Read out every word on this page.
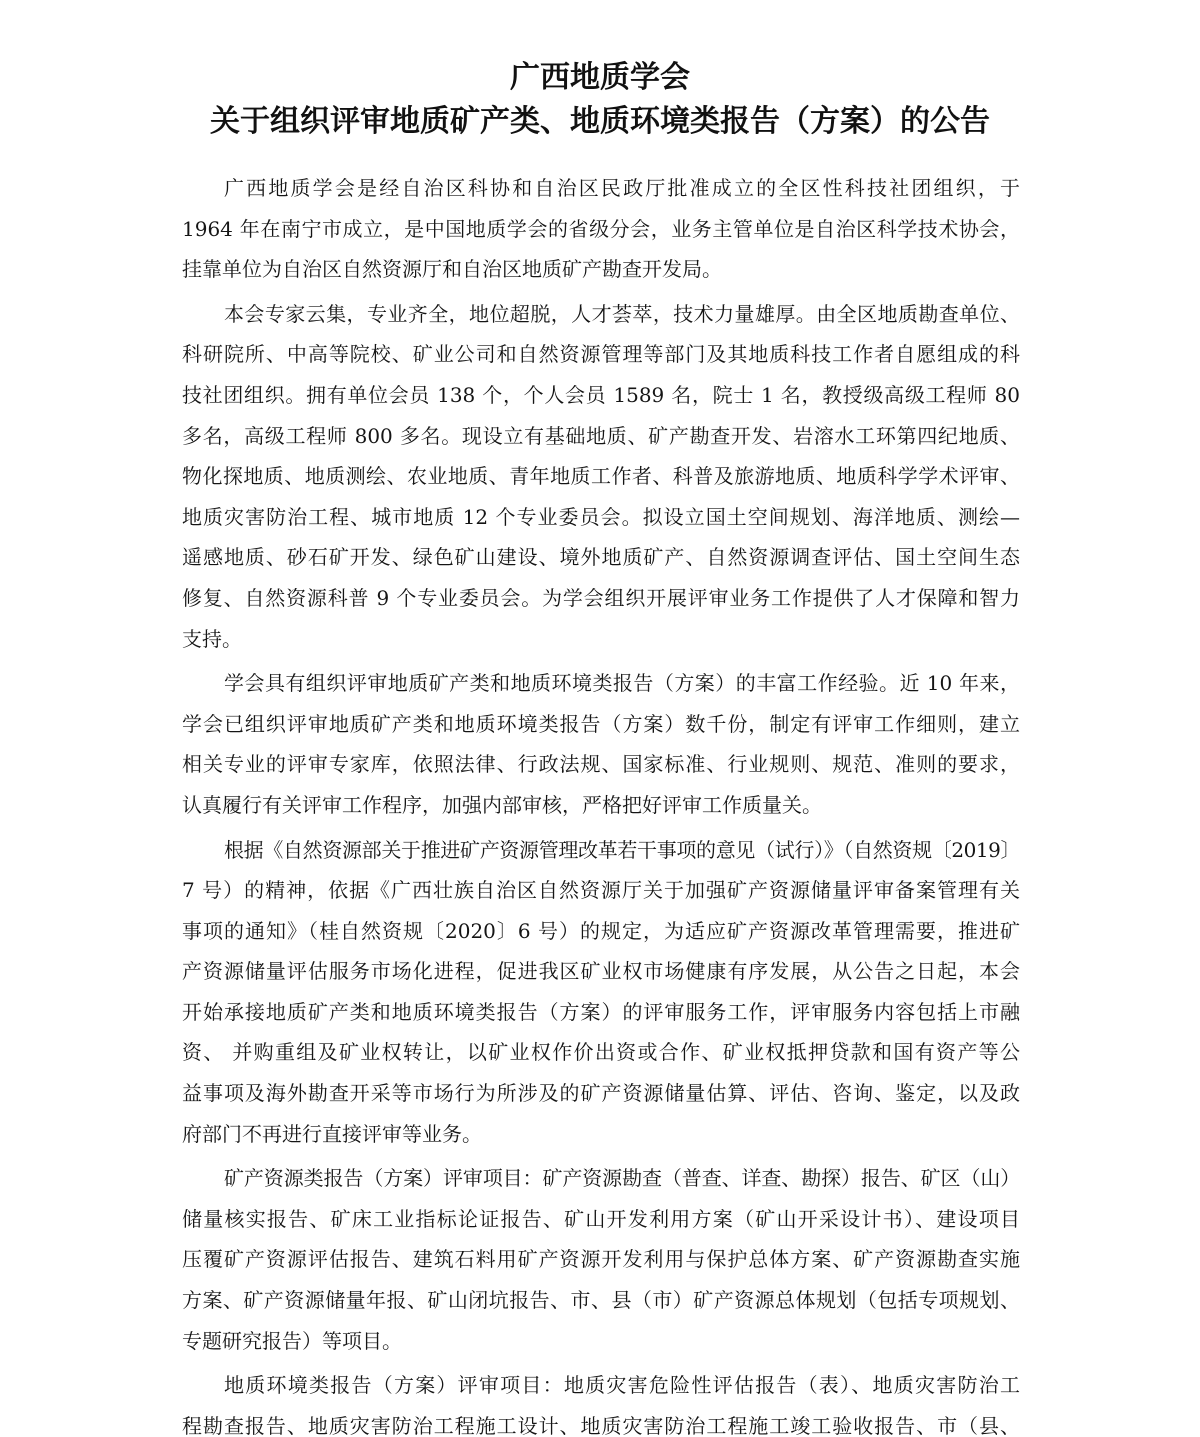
广西地质学会
关于组织评审地质矿产类、地质环境类报告（方案）的公告
广西地质学会是经自治区科协和自治区民政厅批准成立的全区性科技社团组织，于
1964 年在南宁市成立，是中国地质学会的省级分会，业务主管单位是自治区科学技术协会，
挂靠单位为自治区自然资源厅和自治区地质矿产勘查开发局。
本会专家云集，专业齐全，地位超脱，人才荟萃，技术力量雄厚。由全区地质勘查单位、
科研院所、中高等院校、矿业公司和自然资源管理等部门及其地质科技工作者自愿组成的科
技社团组织。拥有单位会员 138 个，个人会员 1589 名，院士 1 名，教授级高级工程师 80
多名，高级工程师 800 多名。现设立有基础地质、矿产勘查开发、岩溶水工环第四纪地质、
物化探地质、地质测绘、农业地质、青年地质工作者、科普及旅游地质、地质科学学术评审、
地质灾害防治工程、城市地质 12 个专业委员会。拟设立国土空间规划、海洋地质、测绘—
遥感地质、砂石矿开发、绿色矿山建设、境外地质矿产、自然资源调查评估、国土空间生态
修复、自然资源科普 9 个专业委员会。为学会组织开展评审业务工作提供了人才保障和智力
支持。
学会具有组织评审地质矿产类和地质环境类报告（方案）的丰富工作经验。近 10 年来，
学会已组织评审地质矿产类和地质环境类报告（方案）数千份，制定有评审工作细则，建立
相关专业的评审专家库，依照法律、行政法规、国家标准、行业规则、规范、准则的要求，
认真履行有关评审工作程序，加强内部审核，严格把好评审工作质量关。
根据《自然资源部关于推进矿产资源管理改革若干事项的意见（试行）》（自然资规〔2019〕
7 号）的精神，依据《广西壮族自治区自然资源厅关于加强矿产资源储量评审备案管理有关
事项的通知》（桂自然资规〔2020〕6 号）的规定，为适应矿产资源改革管理需要，推进矿
产资源储量评估服务市场化进程，促进我区矿业权市场健康有序发展，从公告之日起，本会
开始承接地质矿产类和地质环境类报告（方案）的评审服务工作，评审服务内容包括上市融
资、 并购重组及矿业权转让，以矿业权作价出资或合作、矿业权抵押贷款和国有资产等公
益事项及海外勘查开采等市场行为所涉及的矿产资源储量估算、评估、咨询、鉴定，以及政
府部门不再进行直接评审等业务。
矿产资源类报告（方案）评审项目：矿产资源勘查（普查、详查、勘探）报告、矿区（山）
储量核实报告、矿床工业指标论证报告、矿山开发利用方案（矿山开采设计书）、建设项目
压覆矿产资源评估报告、建筑石料用矿产资源开发利用与保护总体方案、矿产资源勘查实施
方案、矿产资源储量年报、矿山闭坑报告、市、县（市）矿产资源总体规划（包括专项规划、
专题研究报告）等项目。
地质环境类报告（方案）评审项目：地质灾害危险性评估报告（表）、地质灾害防治工
程勘查报告、地质灾害防治工程施工设计、地质灾害防治工程施工竣工验收报告、市（县、
